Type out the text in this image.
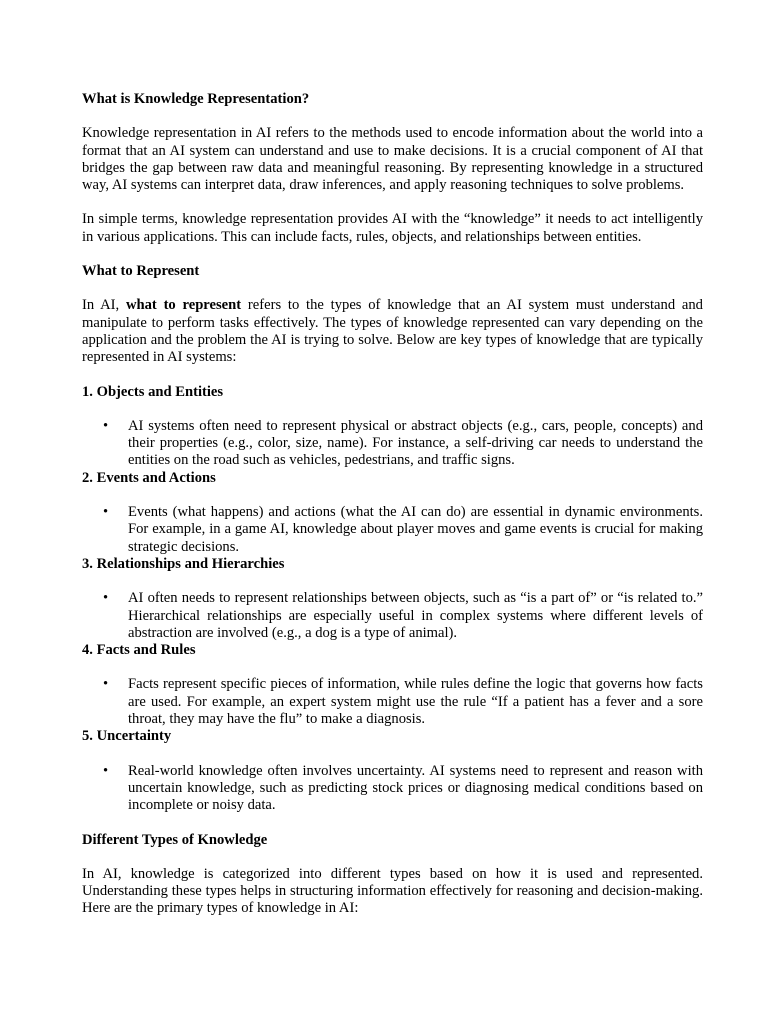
What is Knowledge Representation?

Knowledge representation in AI refers to the methods used to encode information about the world into a format that an AI system can understand and use to make decisions. It is a crucial component of AI that bridges the gap between raw data and meaningful reasoning. By representing knowledge in a structured way, AI systems can interpret data, draw inferences, and apply reasoning techniques to solve problems.

In simple terms, knowledge representation provides AI with the “knowledge” it needs to act intelligently in various applications. This can include facts, rules, objects, and relationships between entities.

What to Represent

In AI, what to represent refers to the types of knowledge that an AI system must understand and manipulate to perform tasks effectively. The types of knowledge represented can vary depending on the application and the problem the AI is trying to solve. Below are key types of knowledge that are typically represented in AI systems:

1. Objects and Entities

• AI systems often need to represent physical or abstract objects (e.g., cars, people, concepts) and their properties (e.g., color, size, name). For instance, a self-driving car needs to understand the entities on the road such as vehicles, pedestrians, and traffic signs.

2. Events and Actions

• Events (what happens) and actions (what the AI can do) are essential in dynamic environments. For example, in a game AI, knowledge about player moves and game events is crucial for making strategic decisions.

3. Relationships and Hierarchies

• AI often needs to represent relationships between objects, such as “is a part of” or “is related to.” Hierarchical relationships are especially useful in complex systems where different levels of abstraction are involved (e.g., a dog is a type of animal).

4. Facts and Rules

• Facts represent specific pieces of information, while rules define the logic that governs how facts are used. For example, an expert system might use the rule “If a patient has a fever and a sore throat, they may have the flu” to make a diagnosis.

5. Uncertainty

• Real-world knowledge often involves uncertainty. AI systems need to represent and reason with uncertain knowledge, such as predicting stock prices or diagnosing medical conditions based on incomplete or noisy data.

Different Types of Knowledge

In AI, knowledge is categorized into different types based on how it is used and represented. Understanding these types helps in structuring information effectively for reasoning and decision-making. Here are the primary types of knowledge in AI:
